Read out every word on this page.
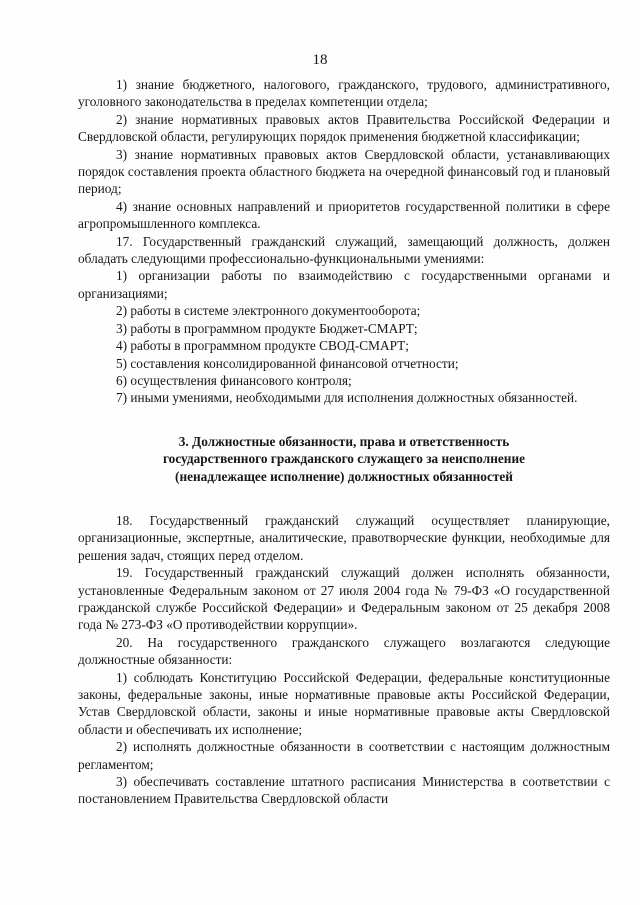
18

1) знание бюджетного, налогового, гражданского, трудового, административного, уголовного законодательства в пределах компетенции отдела;

2) знание нормативных правовых актов Правительства Российской Федерации и Свердловской области, регулирующих порядок применения бюджетной классификации;

3) знание нормативных правовых актов Свердловской области, устанавливающих порядок составления проекта областного бюджета на очередной финансовый год и плановый период;

4) знание основных направлений и приоритетов государственной политики в сфере агропромышленного комплекса.

17. Государственный гражданский служащий, замещающий должность, должен обладать следующими профессионально-функциональными умениями:

1) организации работы по взаимодействию с государственными органами и организациями;

2) работы в системе электронного документооборота;

3) работы в программном продукте Бюджет-СМАРТ;

4) работы в программном продукте СВОД-СМАРТ;

5) составления консолидированной финансовой отчетности;

6) осуществления финансового контроля;

7) иными умениями, необходимыми для исполнения должностных обязанностей.

3. Должностные обязанности, права и ответственность
государственного гражданского служащего за неисполнение
(ненадлежащее исполнение) должностных обязанностей

18. Государственный гражданский служащий осуществляет планирующие, организационные, экспертные, аналитические, правотворческие функции, необходимые для решения задач, стоящих перед отделом.

19. Государственный гражданский служащий должен исполнять обязанности, установленные Федеральным законом от 27 июля 2004 года № 79-ФЗ «О государственной гражданской службе Российской Федерации» и Федеральным законом от 25 декабря 2008 года № 273-ФЗ «О противодействии коррупции».

20. На государственного гражданского служащего возлагаются следующие должностные обязанности:

1) соблюдать Конституцию Российской Федерации, федеральные конституционные законы, федеральные законы, иные нормативные правовые акты Российской Федерации, Устав Свердловской области, законы и иные нормативные правовые акты Свердловской области и обеспечивать их исполнение;

2) исполнять должностные обязанности в соответствии с настоящим должностным регламентом;

3) обеспечивать составление штатного расписания Министерства в соответствии с постановлением Правительства Свердловской области
